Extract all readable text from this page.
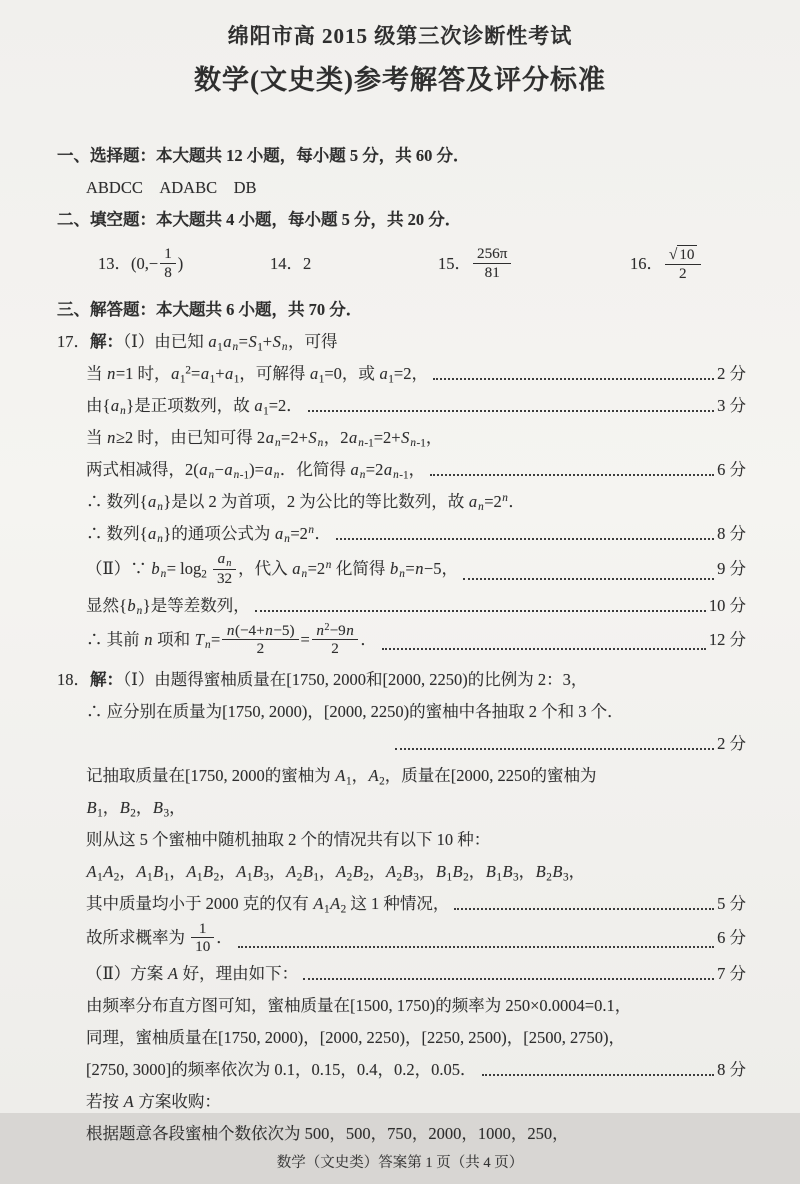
绵阳市高 2015 级第三次诊断性考试
数学(文史类)参考解答及评分标准
一、选择题：本大题共 12 小题，每小题 5 分，共 60 分．
ABDCC　ADABC　DB
二、填空题：本大题共 4 小题，每小题 5 分，共 20 分．
13．($0,- \frac{1}{8}$ )	14．2	15． $\frac{256\pi}{81}$	16． $\frac{√ 10}{2}$
三、解答题：本大题共 6 小题，共 70 分．
17．解：（Ⅰ）由已知 $a_1a_n=S_1+S_n$，可得
当 n=1 时，$a_1^2=a_1+a_1$，可解得 $a_1=0$，或 $a_1=2$，	2 分
由$\{a_n\}$是正项数列，故 $a_1=2$．	3 分
当 n≥2 时，由已知可得 $2a_n=2+S_n$，$2a_{n-1}=2+S_{n-1}$，
两式相减得，$2(a_n-a_{n-1})=a_n$．化简得 $a_n=2a_{n-1}$，	6 分
∴ 数列$\{a_n\}$是以 2 为首项，2 为公比的等比数列，故 $a_n=2^n$．
∴ 数列$\{a_n\}$的通项公式为 $a_n=2^n$．	8 分
（Ⅱ）∵ $b_n= \log_2 \frac{a_n}{32}$ ，代入 $a_n=2^n$ 化简得 $b_n=n-5$，	9 分
显然$\{b_n\}$是等差数列，	10 分
∴ 其前 n 项和 $T_n= \frac{n(-4+n-5)}{2} = \frac{n^2-9n}{2}$ ．	12 分
18．解：（Ⅰ）由题得蜜柚质量在[1750, 2000和[2000, 2250)的比例为 2：3，
∴ 应分别在质量为[1750, 2000)，[2000, 2250)的蜜柚中各抽取 2 个和 3 个．
2 分
记抽取质量在[1750, 2000的蜜柚为 $A_1$，$A_2$，质量在[2000, 2250的蜜柚为
$B_1$，$B_2$，$B_3$，
则从这 5 个蜜柚中随机抽取 2 个的情况共有以下 10 种：
$A_1A_2$，$A_1B_1$，$A_1B_2$，$A_1B_3$，$A_2B_1$，$A_2B_2$，$A_2B_3$，$B_1B_2$，$B_1B_3$，$B_2B_3$，
其中质量均小于 2000 克的仅有 $A_1A_2$ 这 1 种情况，	5 分
故所求概率为 $\frac{1}{10}$ ．	6 分
（Ⅱ）方案 A 好，理由如下：	7 分
由频率分布直方图可知，蜜柚质量在[1500, 1750)的频率为 250×0.0004=0.1，
同理，蜜柚质量在[1750, 2000)，[2000, 2250)，[2250, 2500)，[2500, 2750)，
[2750, 3000]的频率依次为 0.1，0.15，0.4，0.2，0.05．	8 分
若按 A 方案收购：
根据题意各段蜜柚个数依次为 500，500，750，2000，1000，250，
数学（文史类）答案第 1 页（共 4 页）
